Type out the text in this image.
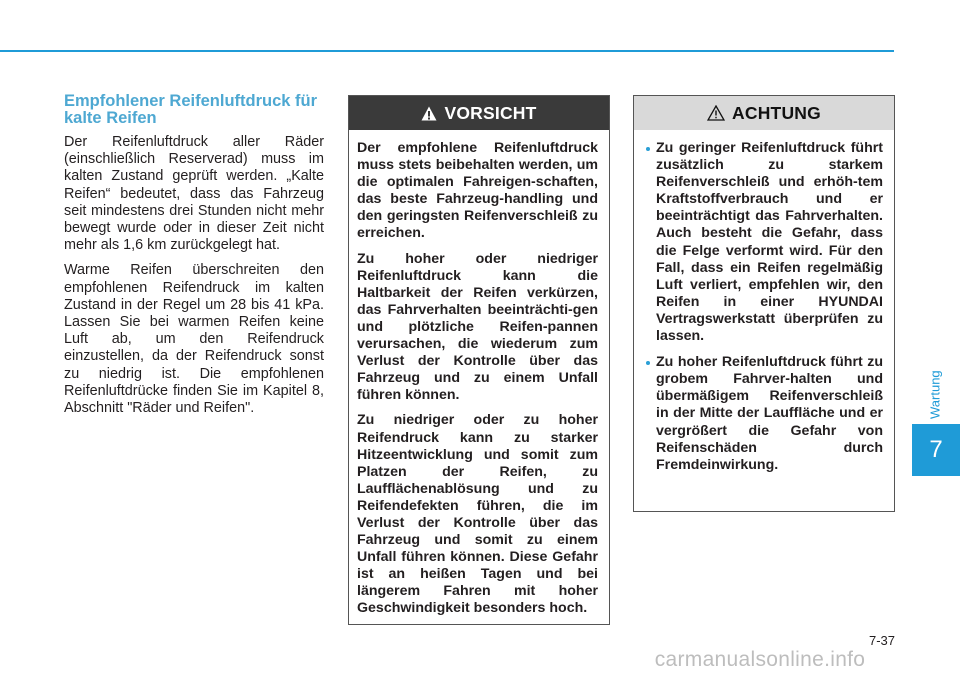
Empfohlener Reifenluftdruck für kalte Reifen

Der Reifenluftdruck aller Räder (einschließlich Reserverad) muss im kalten Zustand geprüft werden. „Kalte Reifen“ bedeutet, dass das Fahrzeug seit mindestens drei Stunden nicht mehr bewegt wurde oder in dieser Zeit nicht mehr als 1,6 km zurückgelegt hat.

Warme Reifen überschreiten den empfohlenen Reifendruck im kalten Zustand in der Regel um 28 bis 41 kPa. Lassen Sie bei warmen Reifen keine Luft ab, um den Reifendruck einzustellen, da der Reifendruck sonst zu niedrig ist. Die empfohlenen Reifenluftdrücke finden Sie im Kapitel 8, Abschnitt "Räder und Reifen".

VORSICHT

Der empfohlene Reifenluftdruck muss stets beibehalten werden, um die optimalen Fahreigen-schaften, das beste Fahrzeug-handling und den geringsten Reifenverschleiß zu erreichen.

Zu hoher oder niedriger Reifenluftdruck kann die Haltbarkeit der Reifen verkürzen, das Fahrverhalten beeinträchti-gen und plötzliche Reifen-pannen verursachen, die wiederum zum Verlust der Kontrolle über das Fahrzeug und zu einem Unfall führen können.

Zu niedriger oder zu hoher Reifendruck kann zu starker Hitzeentwicklung und somit zum Platzen der Reifen, zu Laufflächenablösung und zu Reifendefekten führen, die im Verlust der Kontrolle über das Fahrzeug und somit zu einem Unfall führen können. Diese Gefahr ist an heißen Tagen und bei längerem Fahren mit hoher Geschwindigkeit besonders hoch.

ACHTUNG

Zu geringer Reifenluftdruck führt zusätzlich zu starkem Reifenverschleiß und erhöh-tem Kraftstoffverbrauch und er beeinträchtigt das Fahrverhalten. Auch besteht die Gefahr, dass die Felge verformt wird. Für den Fall, dass ein Reifen regelmäßig Luft verliert, empfehlen wir, den Reifen in einer HYUNDAI Vertragswerkstatt überprüfen zu lassen.

Zu hoher Reifenluftdruck führt zu grobem Fahrver-halten und übermäßigem Reifenverschleiß in der Mitte der Lauffläche und er vergrößert die Gefahr von Reifenschäden durch Fremdeinwirkung.

Wartung
7
7-37
carmanualsonline.info
